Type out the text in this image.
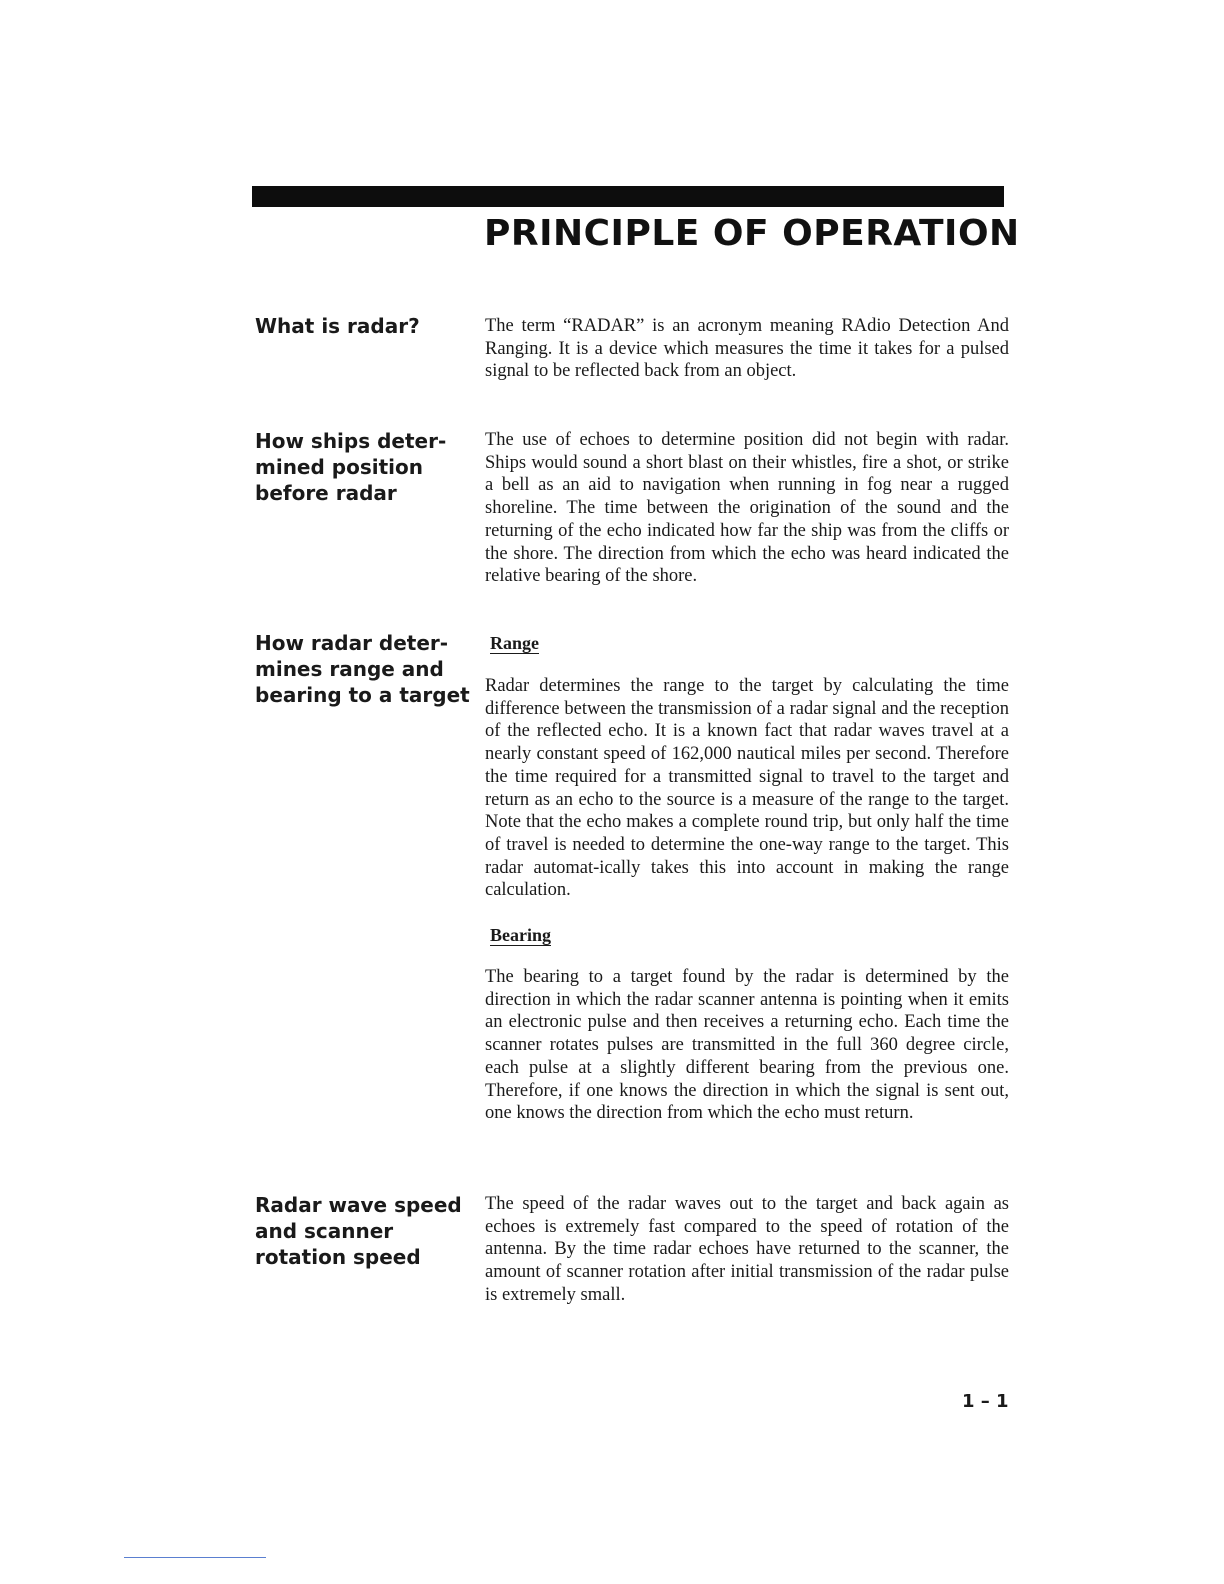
PRINCIPLE OF OPERATION
What is radar?	The term “RADAR” is an acronym meaning RAdio Detection And Ranging. It is a device which measures the time it takes for a pulsed signal to be reflected back from an object.

How ships deter-mined position before radar

The use of echoes to determine position did not begin with radar. Ships would sound a short blast on their whistles, fire a shot, or strike a bell as an aid to navigation when running in fog near a rugged shoreline. The time between the origination of the sound and the returning of the echo indicated how far the ship was from the cliffs or the shore. The direction from which the echo was heard indicated the relative bearing of the shore.

How radar deter-mines range and bearing to a target
Range

Radar determines the range to the target by calculating the time difference between the transmission of a radar signal and the reception of the reflected echo. It is a known fact that radar waves travel at a nearly constant speed of 162,000 nautical miles per second. Therefore the time required for a transmitted signal to travel to the target and return as an echo to the source is a measure of the range to the target. Note that the echo makes a complete round trip, but only half the time of travel is needed to determine the one-way range to the target. This radar automat-ically takes this into account in making the range calculation.

Bearing

The bearing to a target found by the radar is determined by the direction in which the radar scanner antenna is pointing when it emits an electronic pulse and then receives a returning echo. Each time the scanner rotates pulses are transmitted in the full 360 degree circle, each pulse at a slightly different bearing from the previous one. Therefore, if one knows the direction in which the signal is sent out, one knows the direction from which the echo must return.

Radar wave speed and scanner rotation speed

The speed of the radar waves out to the target and back again as echoes is extremely fast compared to the speed of rotation of the antenna. By the time radar echoes have returned to the scanner, the amount of scanner rotation after initial transmission of the radar pulse is extremely small.

1 – 1
